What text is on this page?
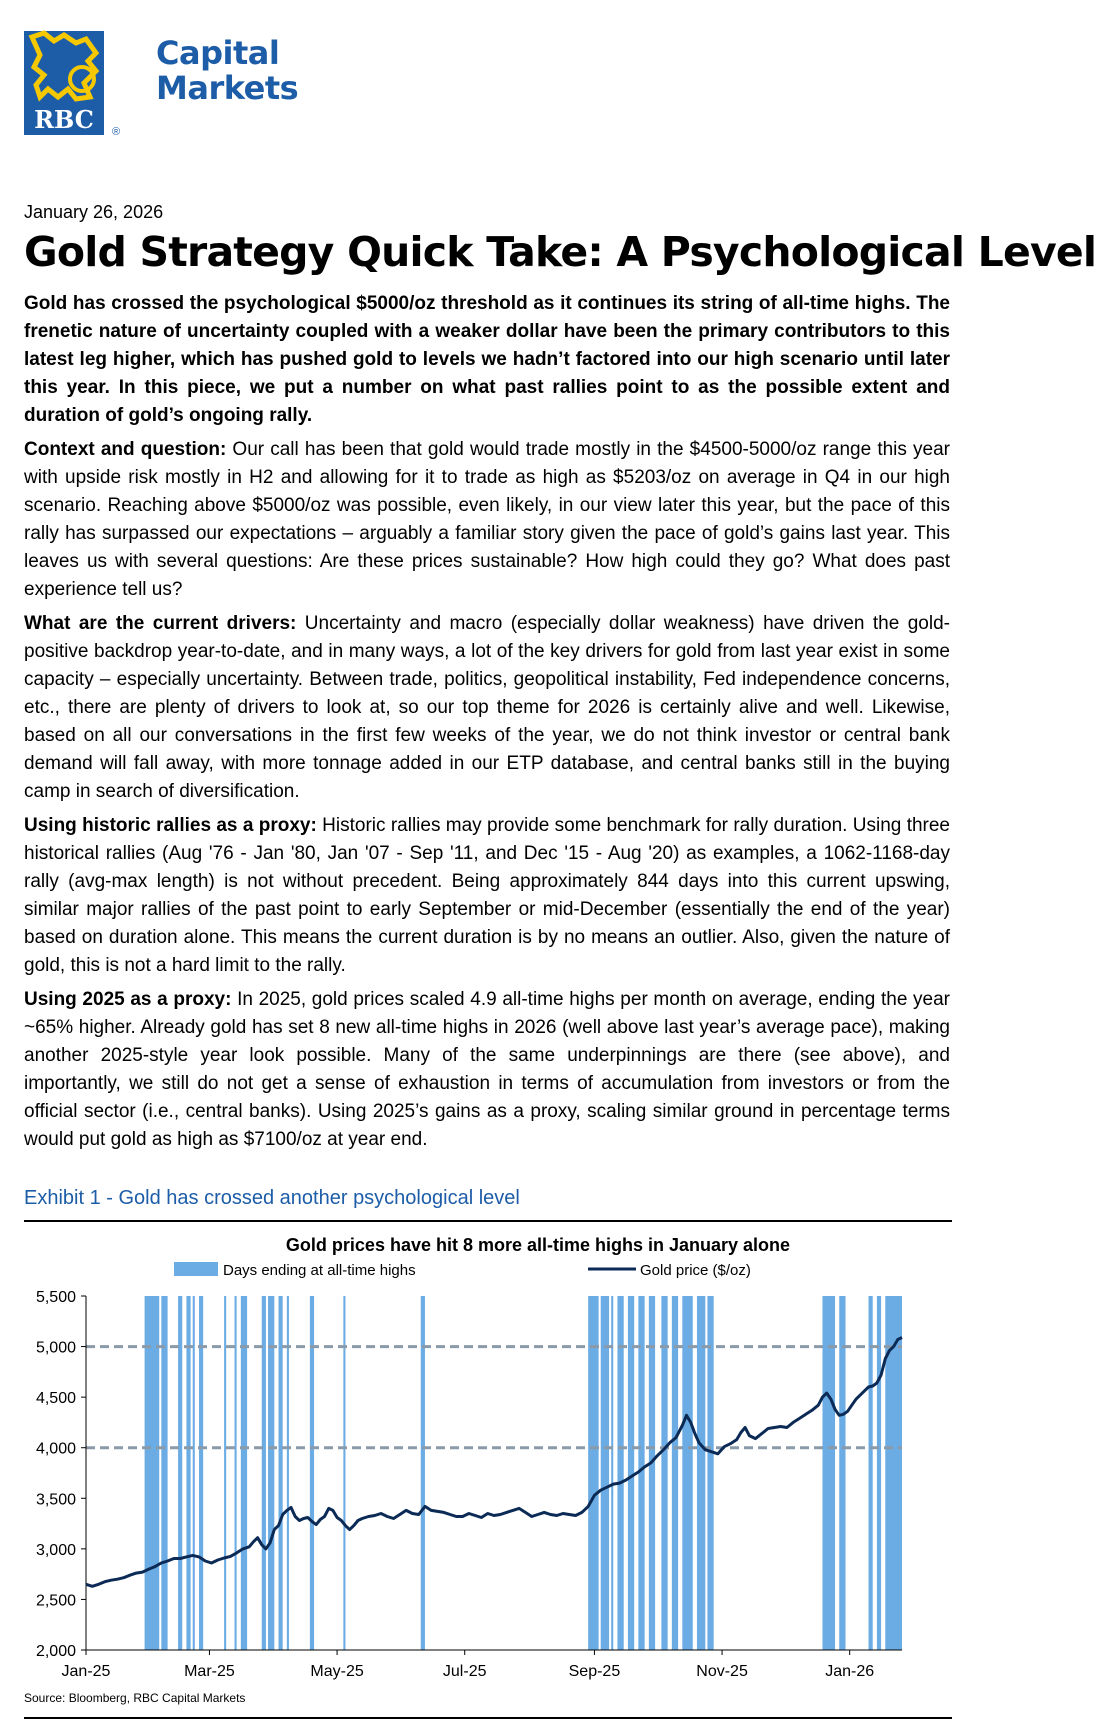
RBC ®
Capital
Markets
January 26, 2026
Gold Strategy Quick Take: A Psychological Level

Gold has crossed the psychological $5000/oz threshold as it continues its string of all-time highs. The frenetic nature of uncertainty coupled with a weaker dollar have been the primary contributors to this latest leg higher, which has pushed gold to levels we hadn’t factored into our high scenario until later this year. In this piece, we put a number on what past rallies point to as the possible extent and duration of gold’s ongoing rally.

Context and question: Our call has been that gold would trade mostly in the $4500-5000/oz range this year with upside risk mostly in H2 and allowing for it to trade as high as $5203/oz on average in Q4 in our high scenario. Reaching above $5000/oz was possible, even likely, in our view later this year, but the pace of this rally has surpassed our expectations – arguably a familiar story given the pace of gold’s gains last year. This leaves us with several questions: Are these prices sustainable? How high could they go? What does past experience tell us?

What are the current drivers: Uncertainty and macro (especially dollar weakness) have driven the gold-positive backdrop year-to-date, and in many ways, a lot of the key drivers for gold from last year exist in some capacity – especially uncertainty. Between trade, politics, geopolitical instability, Fed independence concerns, etc., there are plenty of drivers to look at, so our top theme for 2026 is certainly alive and well. Likewise, based on all our conversations in the first few weeks of the year, we do not think investor or central bank demand will fall away, with more tonnage added in our ETP database, and central banks still in the buying camp in search of diversification.

Using historic rallies as a proxy: Historic rallies may provide some benchmark for rally duration. Using three historical rallies (Aug '76 - Jan '80, Jan '07 - Sep '11, and Dec '15 - Aug '20) as examples, a 1062-1168-day rally (avg-max length) is not without precedent. Being approximately 844 days into this current upswing, similar major rallies of the past point to early September or mid-December (essentially the end of the year) based on duration alone. This means the current duration is by no means an outlier. Also, given the nature of gold, this is not a hard limit to the rally.

Using 2025 as a proxy: In 2025, gold prices scaled 4.9 all-time highs per month on average, ending the year ~65% higher. Already gold has set 8 new all-time highs in 2026 (well above last year’s average pace), making another 2025-style year look possible. Many of the same underpinnings are there (see above), and importantly, we still do not get a sense of exhaustion in terms of accumulation from investors or from the official sector (i.e., central banks). Using 2025’s gains as a proxy, scaling similar ground in percentage terms would put gold as high as $7100/oz at year end.

Exhibit 1 - Gold has crossed another psychological level
Gold prices have hit 8 more all-time highs in January alone
Days ending at all-time highs	Gold price ($/oz)
2,000
2,500
3,000
3,500
4,000
4,500
5,000
5,500
Jan-25	Mar-25	May-25	Jul-25	Sep-25	Nov-25	Jan-26
Source: Bloomberg, RBC Capital Markets
